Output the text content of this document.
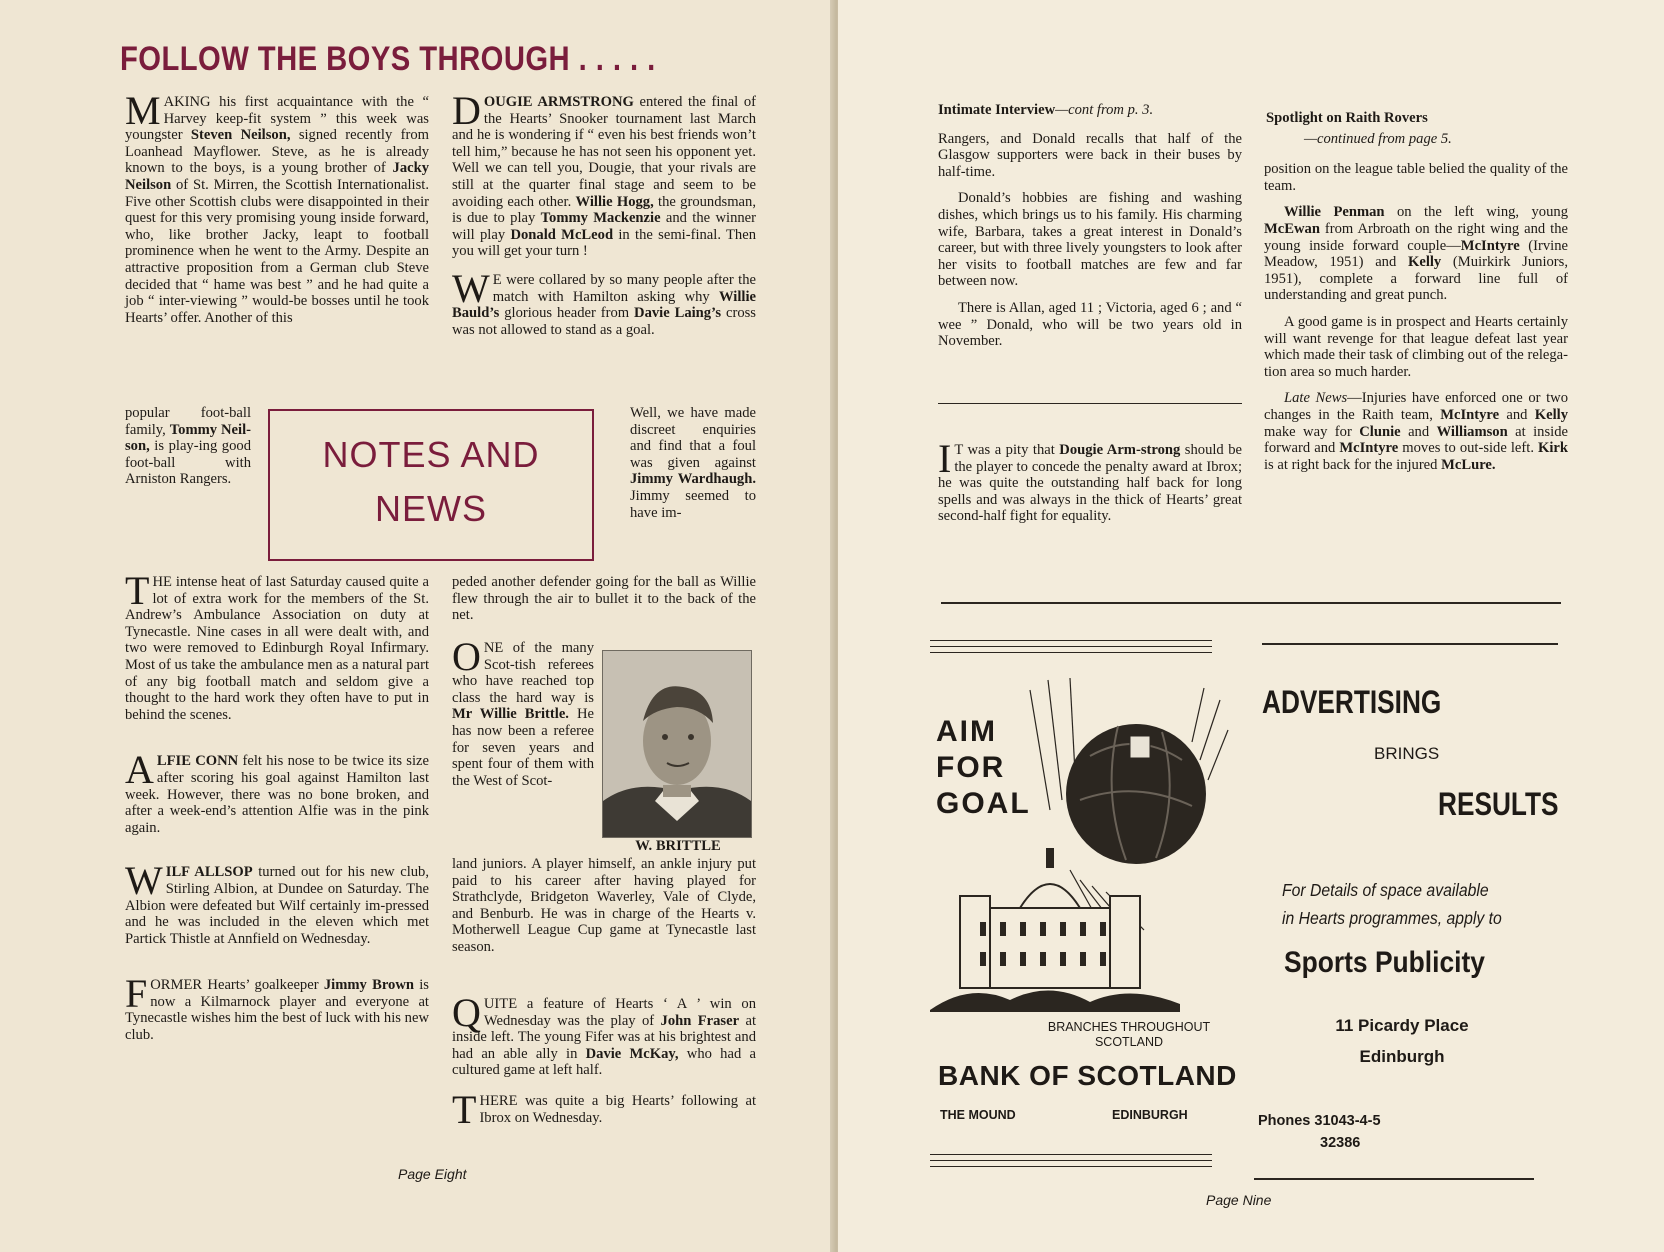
FOLLOW THE BOYS THROUGH . . . . .

MAKING his first acquaintance with the “ Harvey keep-fit system ” this week was youngster Steven Neilson, signed recently from Loanhead Mayflower. Steve, as he is already known to the boys, is a young brother of Jacky Neilson of St. Mirren, the Scottish Internationalist. Five other Scottish clubs were disappointed in their quest for this very promising young inside forward, who, like brother Jacky, leapt to football prominence when he went to the Army. Despite an attractive proposition from a German club Steve decided that “ hame was best ” and he had quite a job “ inter-viewing ” would-be bosses until he took Hearts’ offer. Another of this

popular foot-ball family, Tommy Neil-son, is play-ing good foot-ball with Arniston Rangers.

NOTES AND
NEWS

THE intense heat of last Saturday caused quite a lot of extra work for the members of the St. Andrew’s Ambulance Association on duty at Tynecastle. Nine cases in all were dealt with, and two were removed to Edinburgh Royal Infirmary. Most of us take the ambulance men as a natural part of any big football match and seldom give a thought to the hard work they often have to put in behind the scenes.

ALFIE CONN felt his nose to be twice its size after scoring his goal against Hamilton last week. However, there was no bone broken, and after a week-end’s attention Alfie was in the pink again.

WILF ALLSOP turned out for his new club, Stirling Albion, at Dundee on Saturday. The Albion were defeated but Wilf certainly im-pressed and he was included in the eleven which met Partick Thistle at Annfield on Wednesday.

FORMER Hearts’ goalkeeper Jimmy Brown is now a Kilmarnock player and everyone at Tynecastle wishes him the best of luck with his new club.

DOUGIE ARMSTRONG entered the final of the Hearts’ Snooker tournament last March and he is wondering if “ even his best friends won’t tell him,” because he has not seen his opponent yet. Well we can tell you, Dougie, that your rivals are still at the quarter final stage and seem to be avoiding each other. Willie Hogg, the groundsman, is due to play Tommy Mackenzie and the winner will play Donald McLeod in the semi-final. Then you will get your turn !

W E were collared by so many people after the match with Hamilton asking why Willie Bauld’s glorious header from Davie Laing’s cross was not allowed to stand as a goal.

Well, we have made discreet enquiries and find that a foul was given against Jimmy Wardhaugh. Jimmy seemed to have im-

peded another defender going for the ball as Willie flew through the air to bullet it to the back of the net.

ONE of the many Scot-tish referees who have reached top class the hard way is Mr Willie Brittle. He has now been a referee for seven years and spent four of them with the West of Scot-

W. BRITTLE

land juniors. A player himself, an ankle injury put paid to his career after having played for Strathclyde, Bridgeton Waverley, Vale of Clyde, and Benburb. He was in charge of the Hearts v. Motherwell League Cup game at Tynecastle last season.

QUITE a feature of Hearts ‘ A ’ win on Wednesday was the play of John Fraser at inside left. The young Fifer was at his brightest and had an able ally in Davie McKay, who had a cultured game at left half.

THERE was quite a big Hearts’ following at Ibrox on Wednesday.

Page Eight

Intimate Interview—cont from p. 3.

Rangers, and Donald recalls that half of the Glasgow supporters were back in their buses by half-time.

Donald’s hobbies are fishing and washing dishes, which brings us to his family. His charming wife, Barbara, takes a great interest in Donald’s career, but with three lively youngsters to look after her visits to football matches are few and far between now.

There is Allan, aged 11 ; Victoria, aged 6 ; and “ wee ” Donald, who will be two years old in November.

I T was a pity that Dougie Arm-strong should be the player to concede the penalty award at Ibrox; he was quite the outstanding half back for long spells and was always in the thick of Hearts’ great second-half fight for equality.

Spotlight on Raith Rovers

—continued from page 5.

position on the league table belied the quality of the team.

Willie Penman on the left wing, young McEwan from Arbroath on the right wing and the young inside forward couple—McIntyre (Irvine Meadow, 1951) and Kelly (Muirkirk Juniors, 1951), complete a forward line full of understanding and great punch.

A good game is in prospect and Hearts certainly will want revenge for that league defeat last year which made their task of climbing out of the relega-tion area so much harder.

Late News—Injuries have enforced one or two changes in the Raith team, McIntyre and Kelly make way for Clunie and Williamson at inside forward and McIntyre moves to out-side left. Kirk is at right back for the injured McLure.

AIM
FOR
GOAL
BRANCHES THROUGHOUT
SCOTLAND
BANK OF SCOTLAND
THE MOUND	EDINBURGH
ADVERTISING
BRINGS
RESULTS
For Details of space available
in Hearts programmes, apply to
Sports Publicity
11 Picardy Place
Edinburgh
Phones 31043-4-5
32386
Page Nine
